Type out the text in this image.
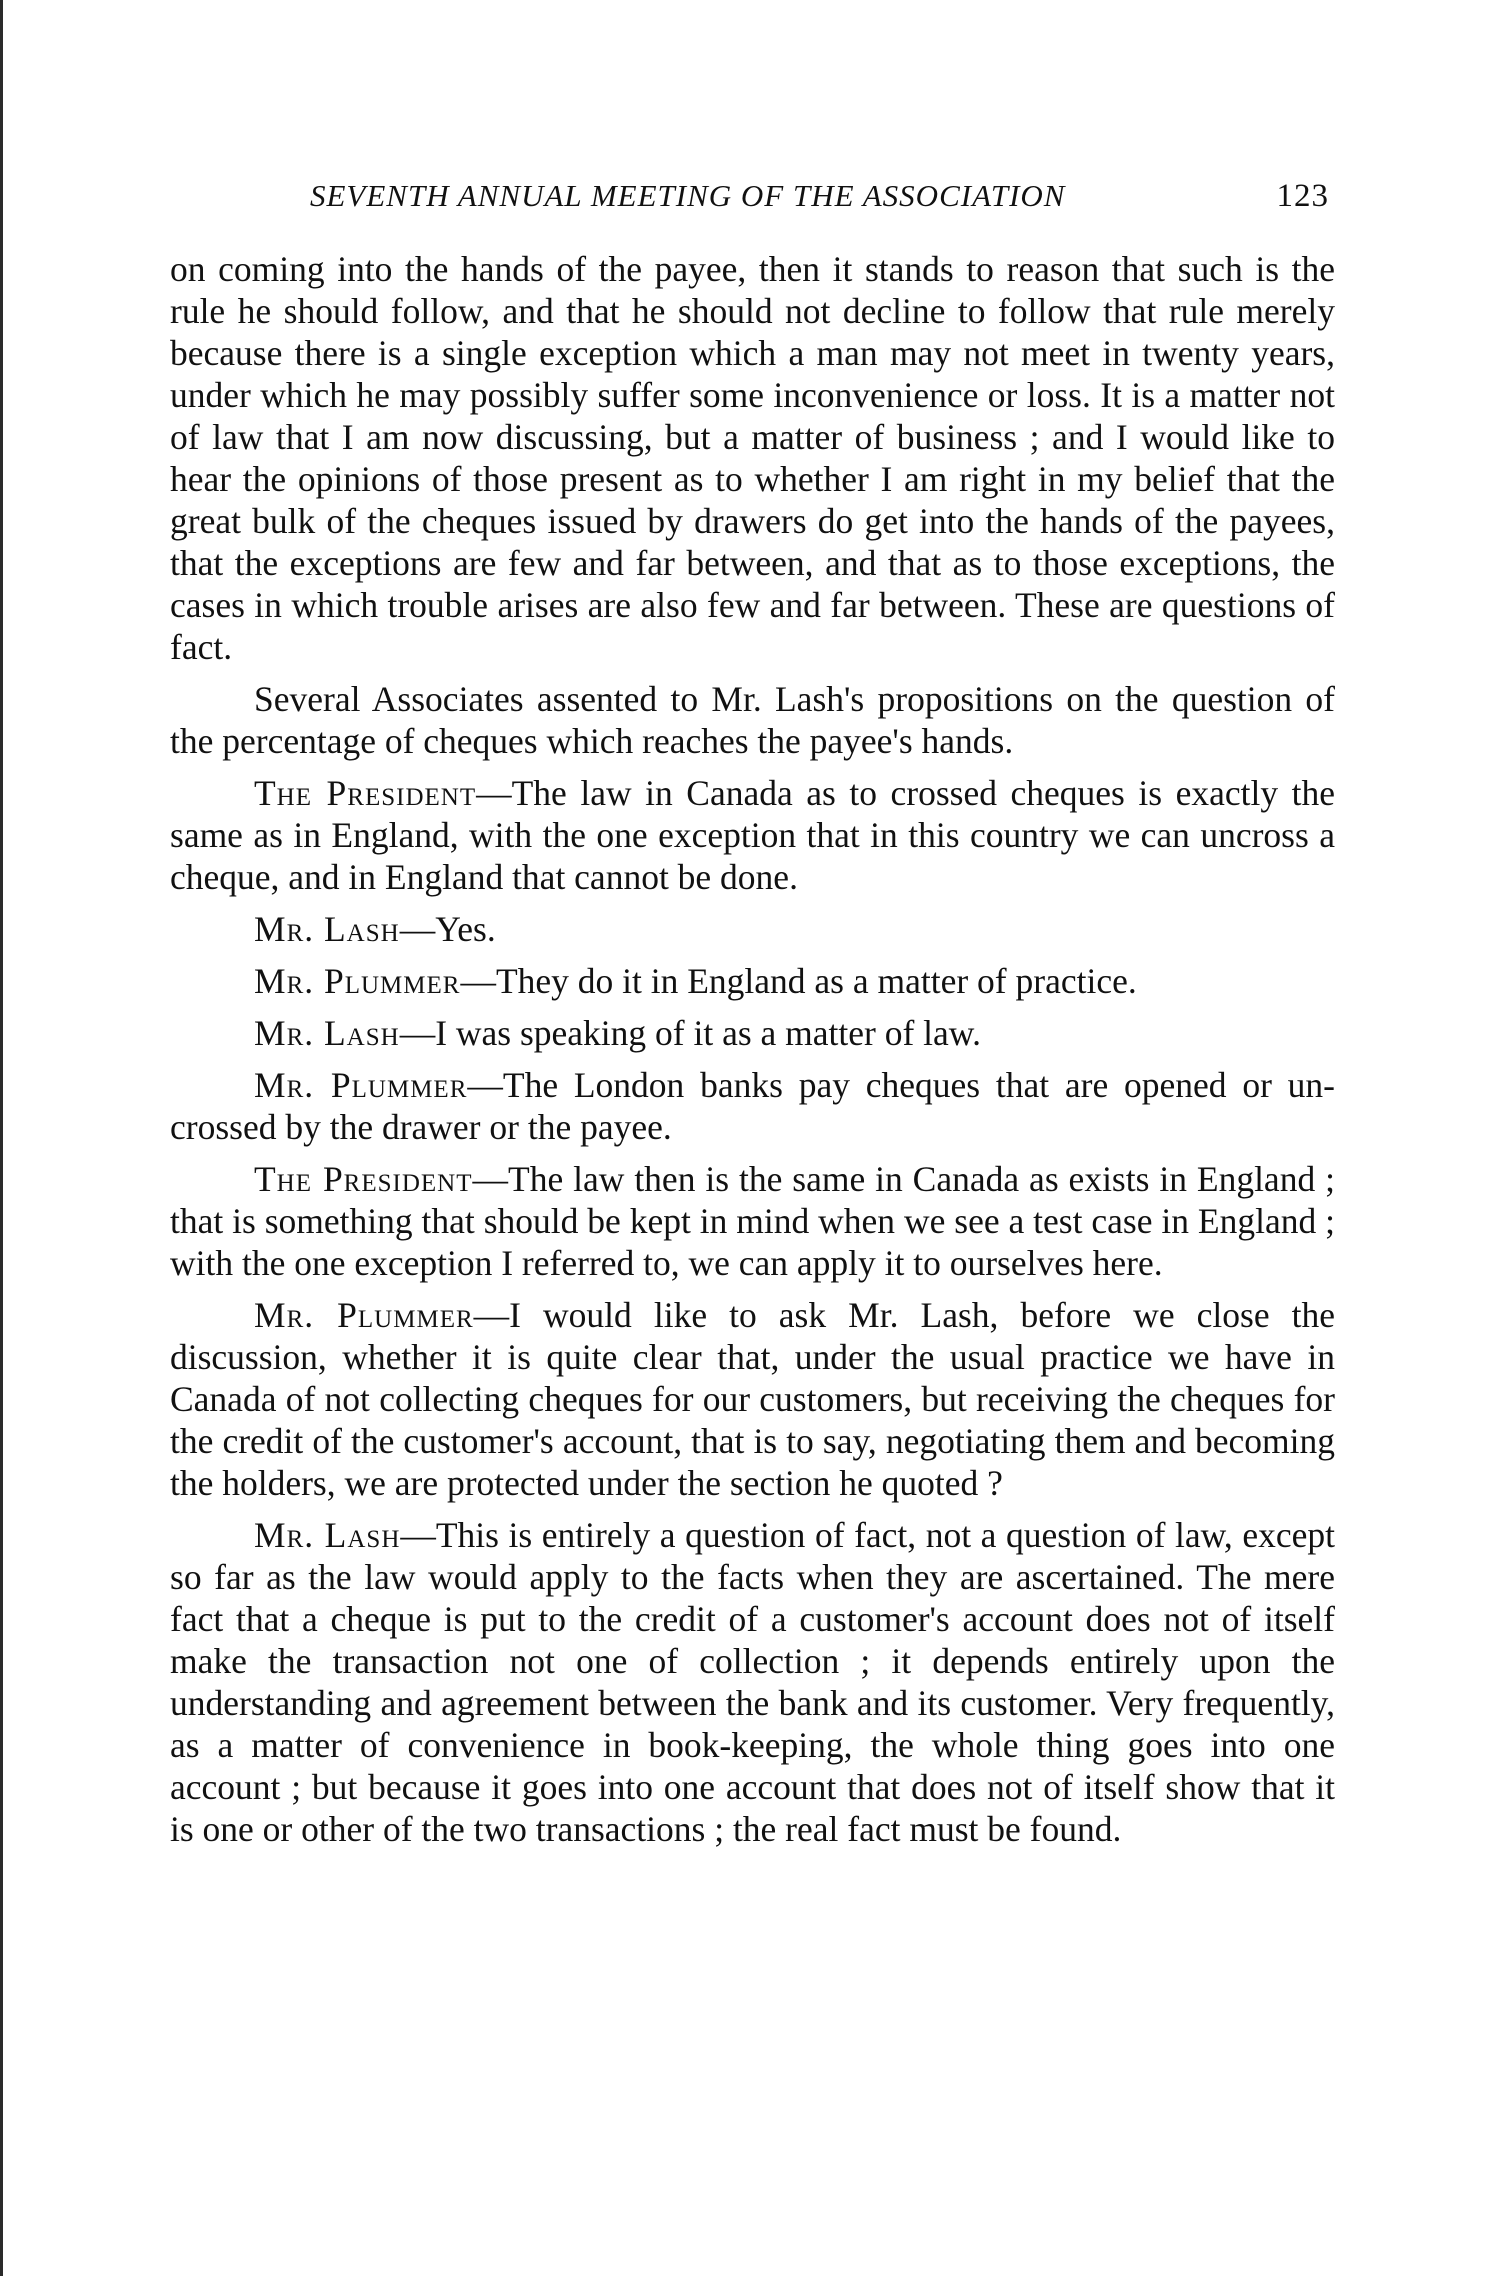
SEVENTH ANNUAL MEETING OF THE ASSOCIATION	123

on coming into the hands of the payee, then it stands to reason that such is the rule he should follow, and that he should not decline to follow that rule merely because there is a single exception which a man may not meet in twenty years, under which he may possibly suffer some inconvenience or loss. It is a matter not of law that I am now discussing, but a matter of business ; and I would like to hear the opinions of those present as to whether I am right in my belief that the great bulk of the cheques issued by drawers do get into the hands of the payees, that the exceptions are few and far between, and that as to those exceptions, the cases in which trouble arises are also few and far between. These are questions of fact.

Several Associates assented to Mr. Lash's propositions on the question of the percentage of cheques which reaches the payee's hands.

The President—The law in Canada as to crossed cheques is exactly the same as in England, with the one exception that in this country we can uncross a cheque, and in England that cannot be done.

Mr. Lash—Yes.

Mr. Plummer—They do it in England as a matter of practice.

Mr. Lash—I was speaking of it as a matter of law.

Mr. Plummer—The London banks pay cheques that are opened or un-crossed by the drawer or the payee.

The President—The law then is the same in Canada as exists in England ; that is something that should be kept in mind when we see a test case in England ; with the one exception I referred to, we can apply it to ourselves here.

Mr. Plummer—I would like to ask Mr. Lash, before we close the discussion, whether it is quite clear that, under the usual practice we have in Canada of not collecting cheques for our customers, but receiving the cheques for the credit of the customer's account, that is to say, negotiating them and becoming the holders, we are protected under the section he quoted ?

Mr. Lash—This is entirely a question of fact, not a question of law, except so far as the law would apply to the facts when they are ascertained. The mere fact that a cheque is put to the credit of a customer's account does not of itself make the transaction not one of collection ; it depends entirely upon the understanding and agreement between the bank and its customer. Very frequently, as a matter of convenience in book-keeping, the whole thing goes into one account ; but because it goes into one account that does not of itself show that it is one or other of the two transactions ; the real fact must be found.
